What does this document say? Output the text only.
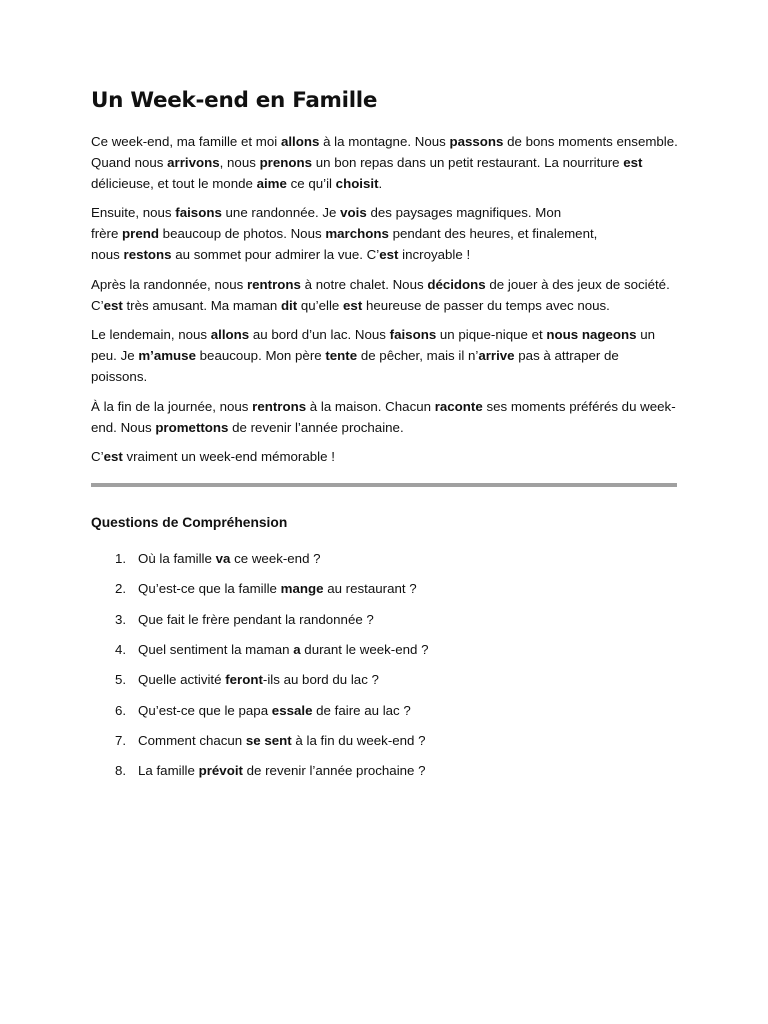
Un Week-end en Famille

Ce week-end, ma famille et moi allons à la montagne. Nous passons de bons moments ensemble. Quand nous arrivons, nous prenons un bon repas dans un petit restaurant. La nourriture est délicieuse, et tout le monde aime ce qu’il choisit.

Ensuite, nous faisons une randonnée. Je vois des paysages magnifiques. Mon
frère prend beaucoup de photos. Nous marchons pendant des heures, et finalement,
nous restons au sommet pour admirer la vue. C’est incroyable !

Après la randonnée, nous rentrons à notre chalet. Nous décidons de jouer à des jeux de société. C’est très amusant. Ma maman dit qu’elle est heureuse de passer du temps avec nous.

Le lendemain, nous allons au bord d’un lac. Nous faisons un pique-nique et nous nageons un peu. Je m’amuse beaucoup. Mon père tente de pêcher, mais il n’arrive pas à attraper de poissons.

À la fin de la journée, nous rentrons à la maison. Chacun raconte ses moments préférés du week-end. Nous promettons de revenir l’année prochaine.

C’est vraiment un week-end mémorable !

Questions de Compréhension
1. Où la famille va ce week-end ?
2. Qu’est-ce que la famille mange au restaurant ?
3. Que fait le frère pendant la randonnée ?
4. Quel sentiment la maman a durant le week-end ?
5. Quelle activité feront-ils au bord du lac ?
6. Qu’est-ce que le papa essale de faire au lac ?
7. Comment chacun se sent à la fin du week-end ?
8. La famille prévoit de revenir l’année prochaine ?
